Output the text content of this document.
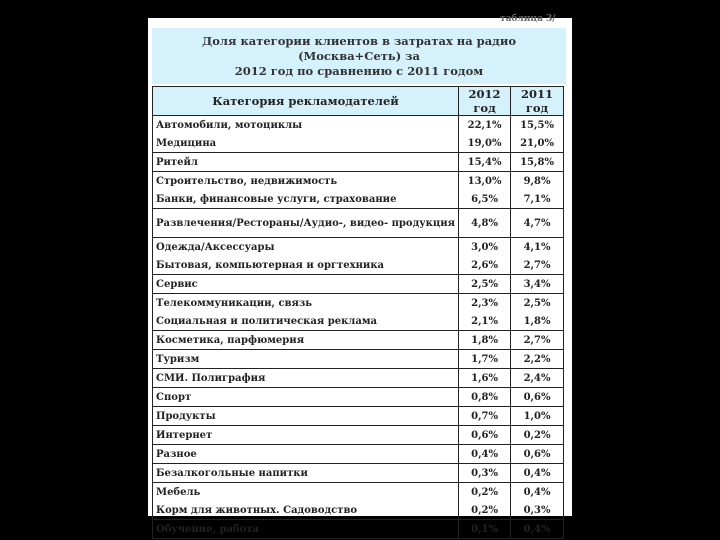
Доля категории клиентов в затратах на радио (Москва+Сеть) за
2012 год по сравнению с 2011 годом
Категория рекламодателей	2012 год	2011 год
Автомобили, мотоциклы	22,1%	15,5%
Медицина	19,0%	21,0%
Ритейл	15,4%	15,8%
Строительство, недвижимость	13,0%	9,8%
Банки, финансовые услуги, страхование	6,5%	7,1%
Развлечения/Рестораны/Аудио-, видео- продукция	4,8%	4,7%
Одежда/Аксессуары	3,0%	4,1%
Бытовая, компьютерная и оргтехника	2,6%	2,7%
Сервис	2,5%	3,4%
Телекоммуникации, связь	2,3%	2,5%
Социальная и политическая реклама	2,1%	1,8%
Косметика, парфюмерия	1,8%	2,7%
Туризм	1,7%	2,2%
СМИ. Полиграфия	1,6%	2,4%
Спорт	0,8%	0,6%
Продукты	0,7%	1,0%
Интернет	0,6%	0,2%
Разное	0,4%	0,6%
Безалкогольные напитки	0,3%	0,4%
Мебель	0,2%	0,4%
Корм для животных. Садоводство	0,2%	0,3%
Обучение, работа	0,1%	0,4%
таблица 3/
